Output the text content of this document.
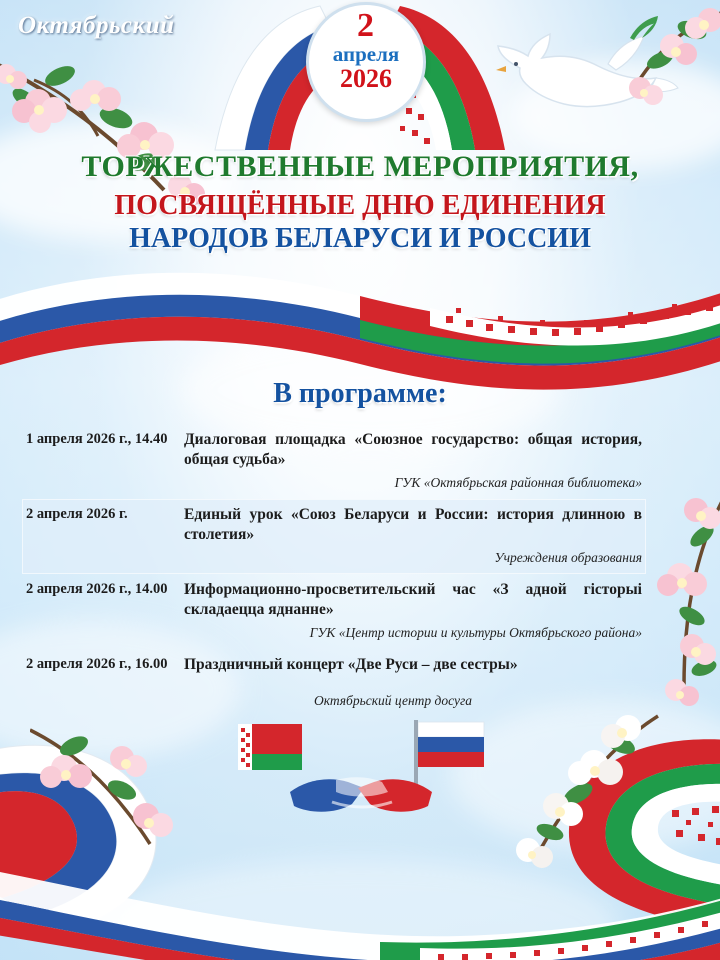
2
апреля
2026
ТОРЖЕСТВЕННЫЕ МЕРОПРИЯТИЯ,
ПОСВЯЩЁННЫЕ ДНЮ ЕДИНЕНИЯ
НАРОДОВ БЕЛАРУСИ И РОССИИ
В программе:
1 апреля 2026 г., 14.40	Диалоговая площадка «Союзное государство: общая история, общая судьба»
ГУК «Октябрьская районная библиотека»
2 апреля 2026 г.	Единый урок «Союз Беларуси и России: история длинною в столетия»
Учреждения образования
2 апреля 2026 г., 14.00	Информационно-просветительский час «З адной гісторыі складаецца яднанне»
ГУК «Центр истории и культуры Октябрьского района»
2 апреля 2026 г., 16.00	Праздничный концерт «Две Руси – две сестры»
Октябрьский центр досуга
Октябрьский
